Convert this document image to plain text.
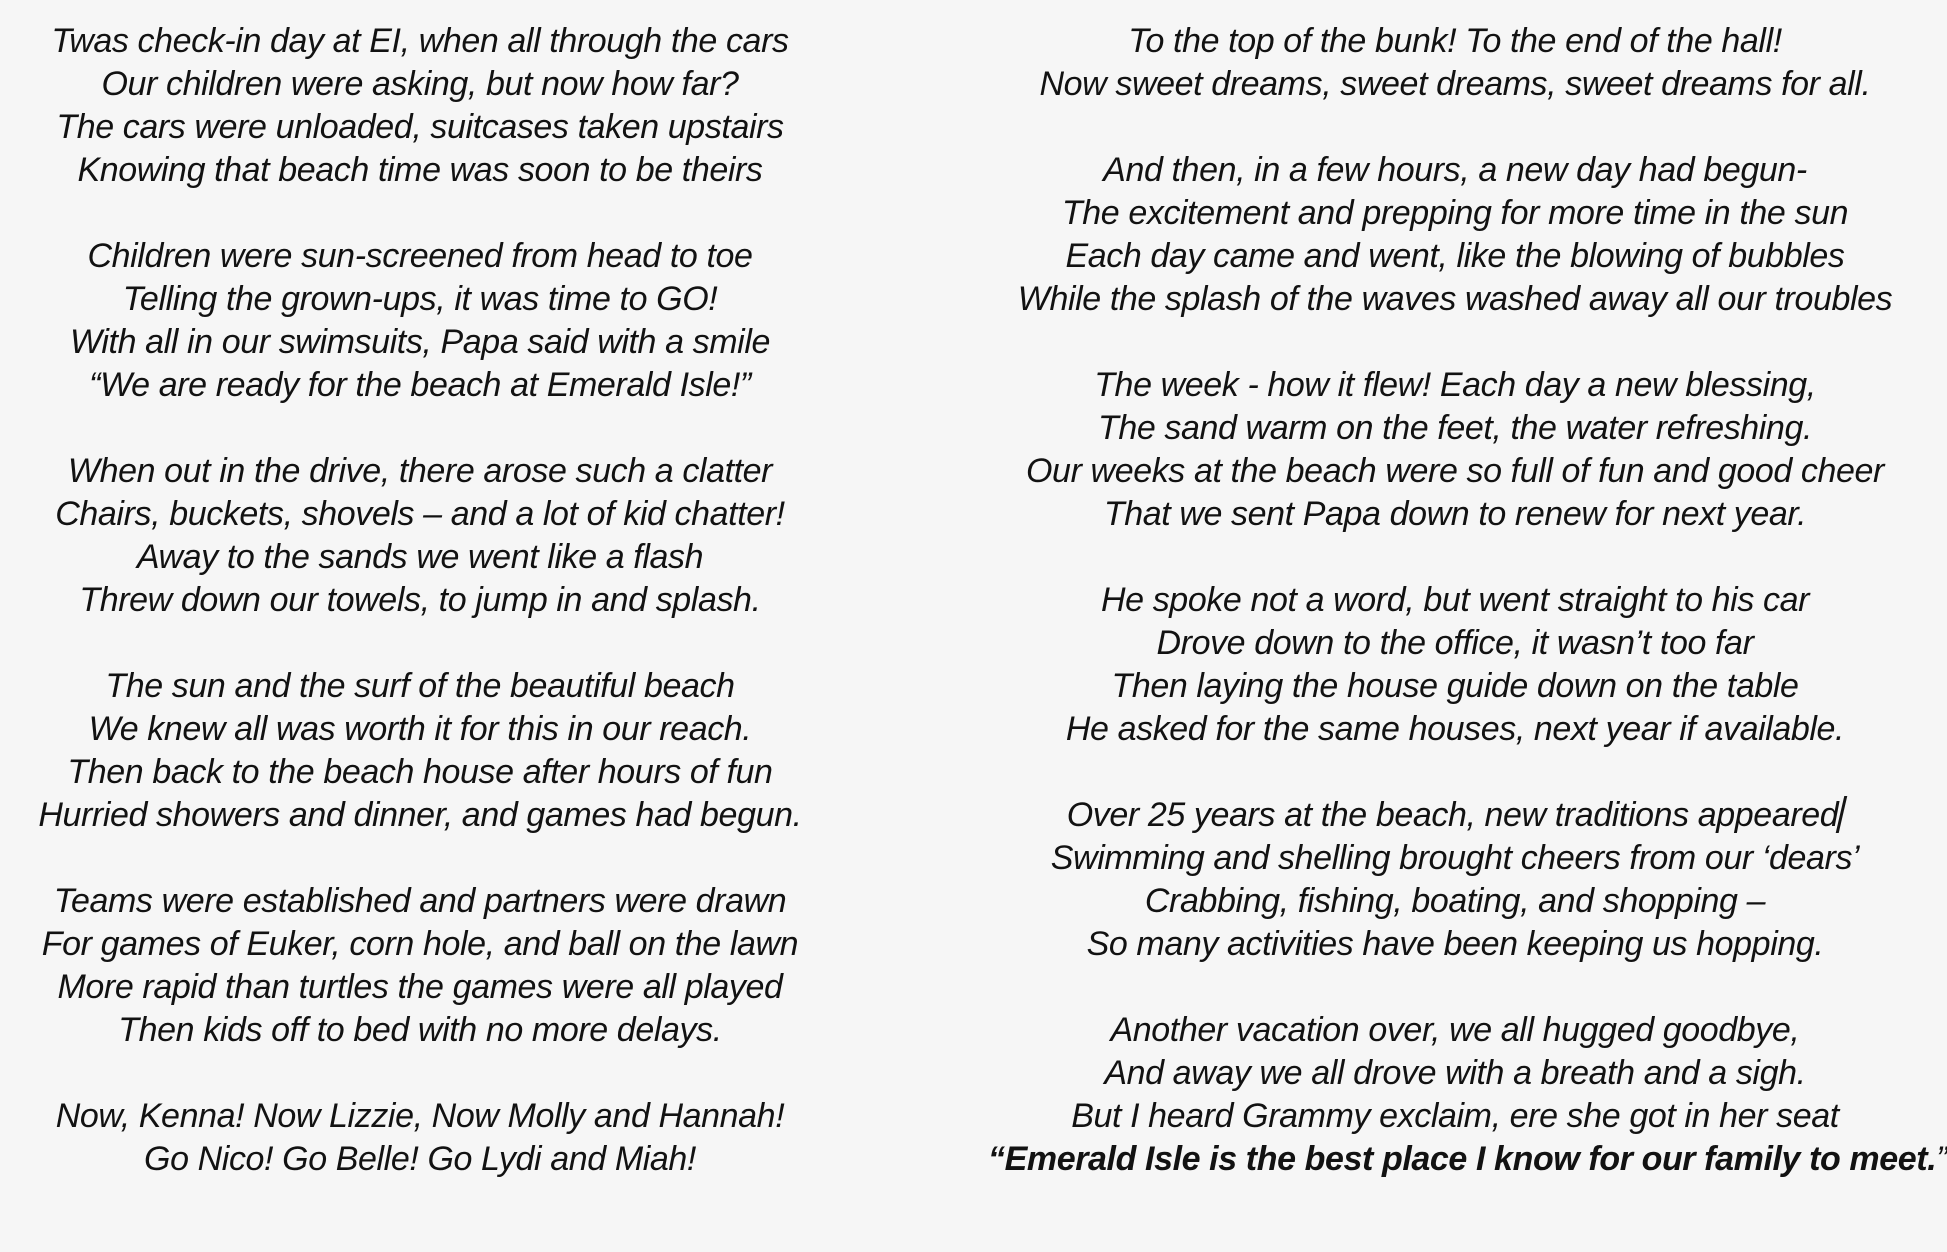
Twas check-in day at EI, when all through the cars
Our children were asking, but now how far?
The cars were unloaded, suitcases taken upstairs
Knowing that beach time was soon to be theirs
Children were sun-screened from head to toe
Telling the grown-ups, it was time to GO!
With all in our swimsuits, Papa said with a smile
“We are ready for the beach at Emerald Isle!”
When out in the drive, there arose such a clatter
Chairs, buckets, shovels – and a lot of kid chatter!
Away to the sands we went like a flash
Threw down our towels, to jump in and splash.
The sun and the surf of the beautiful beach
We knew all was worth it for this in our reach.
Then back to the beach house after hours of fun
Hurried showers and dinner, and games had begun.
Teams were established and partners were drawn
For games of Euker, corn hole, and ball on the lawn
More rapid than turtles the games were all played
Then kids off to bed with no more delays.
Now, Kenna! Now Lizzie, Now Molly and Hannah!
Go Nico! Go Belle! Go Lydi and Miah!
To the top of the bunk! To the end of the hall!
Now sweet dreams, sweet dreams, sweet dreams for all.
And then, in a few hours, a new day had begun-
The excitement and prepping for more time in the sun
Each day came and went, like the blowing of bubbles
While the splash of the waves washed away all our troubles
The week - how it flew! Each day a new blessing,
The sand warm on the feet, the water refreshing.
Our weeks at the beach were so full of fun and good cheer
That we sent Papa down to renew for next year.
He spoke not a word, but went straight to his car
Drove down to the office, it wasn’t too far
Then laying the house guide down on the table
He asked for the same houses, next year if available.
Over 25 years at the beach, new traditions appeared
Swimming and shelling brought cheers from our ‘dears’
Crabbing, fishing, boating, and shopping –
So many activities have been keeping us hopping.
Another vacation over, we all hugged goodbye,
And away we all drove with a breath and a sigh.
But I heard Grammy exclaim, ere she got in her seat
“Emerald Isle is the best place I know for our family to meet.”
